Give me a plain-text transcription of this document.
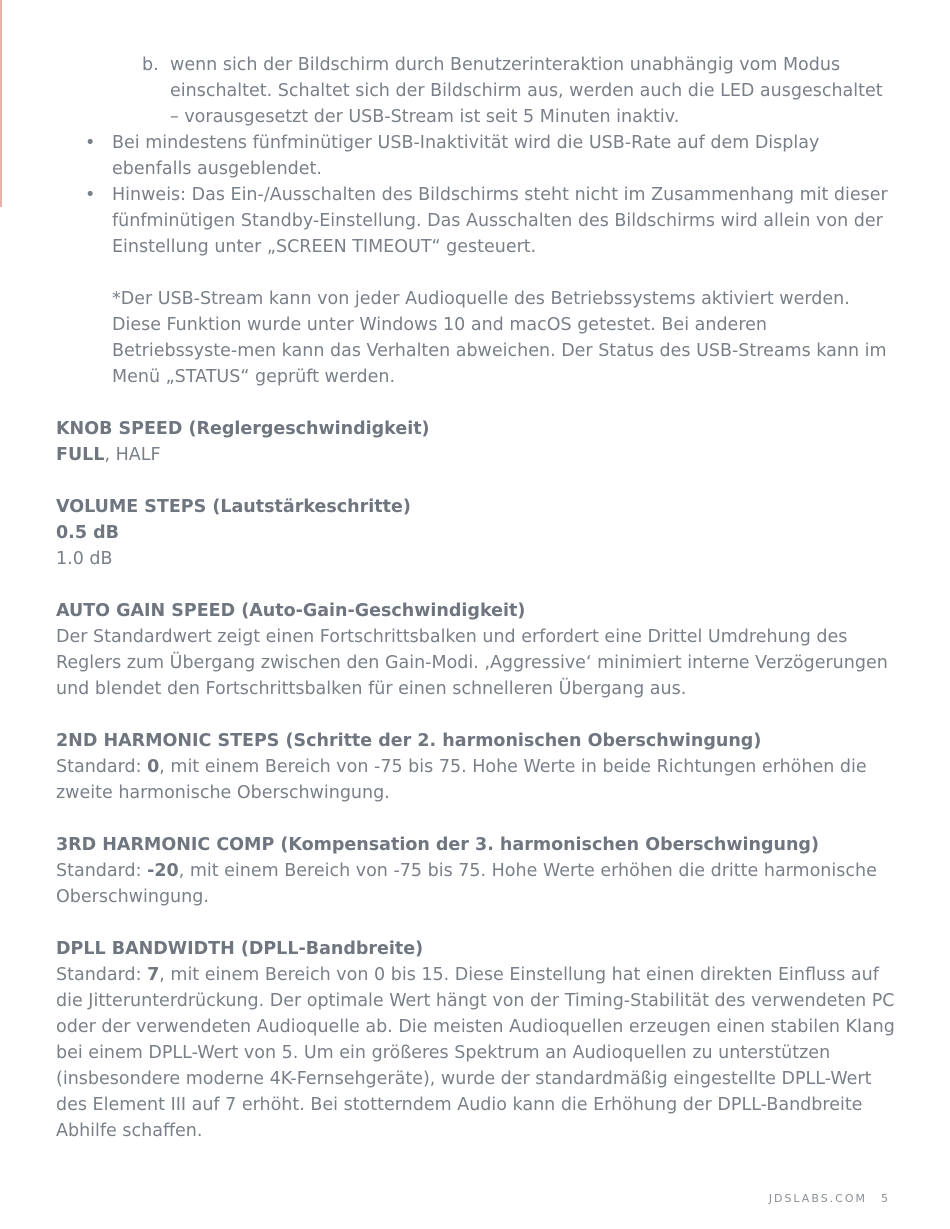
b. wenn sich der Bildschirm durch Benutzerinteraktion unabhängig vom Modus einschaltet. Schaltet sich der Bildschirm aus, werden auch die LED ausgeschaltet – vorausgesetzt der USB-Stream ist seit 5 Minuten inaktiv.
• Bei mindestens fünfminütiger USB-Inaktivität wird die USB-Rate auf dem Display ebenfalls ausgeblendet.
• Hinweis: Das Ein-/Ausschalten des Bildschirms steht nicht im Zusammenhang mit dieser fünfminütigen Standby-Einstellung. Das Ausschalten des Bildschirms wird allein von der Einstellung unter „SCREEN TIMEOUT“ gesteuert.
*Der USB-Stream kann von jeder Audioquelle des Betriebssystems aktiviert werden. Diese Funktion wurde unter Windows 10 and macOS getestet. Bei anderen Betriebssyste-men kann das Verhalten abweichen. Der Status des USB-Streams kann im Menü „STATUS“ geprüft werden.
KNOB SPEED (Reglergeschwindigkeit)
FULL, HALF
VOLUME STEPS (Lautstärkeschritte)
0.5 dB
1.0 dB
AUTO GAIN SPEED (Auto-Gain-Geschwindigkeit)
Der Standardwert zeigt einen Fortschrittsbalken und erfordert eine Drittel Umdrehung des Reglers zum Übergang zwischen den Gain-Modi. ‚Aggressive‘ minimiert interne Verzögerungen und blendet den Fortschrittsbalken für einen schnelleren Übergang aus.
2ND HARMONIC STEPS (Schritte der 2. harmonischen Oberschwingung)
Standard: 0, mit einem Bereich von -75 bis 75. Hohe Werte in beide Richtungen erhöhen die zweite harmonische Oberschwingung.
3RD HARMONIC COMP (Kompensation der 3. harmonischen Oberschwingung)
Standard: -20, mit einem Bereich von -75 bis 75. Hohe Werte erhöhen die dritte harmonische Oberschwingung.
DPLL BANDWIDTH (DPLL-Bandbreite)
Standard: 7, mit einem Bereich von 0 bis 15. Diese Einstellung hat einen direkten Einfluss auf die Jitterunterdrückung. Der optimale Wert hängt von der Timing-Stabilität des verwendeten PC oder der verwendeten Audioquelle ab. Die meisten Audioquellen erzeugen einen stabilen Klang bei einem DPLL-Wert von 5. Um ein größeres Spektrum an Audioquellen zu unterstützen (insbesondere moderne 4K-Fernsehgeräte), wurde der standardmäßig eingestellte DPLL-Wert des Element III auf 7 erhöht. Bei stotterndem Audio kann die Erhöhung der DPLL-Bandbreite Abhilfe schaffen.
JDSLABS.COM 5
